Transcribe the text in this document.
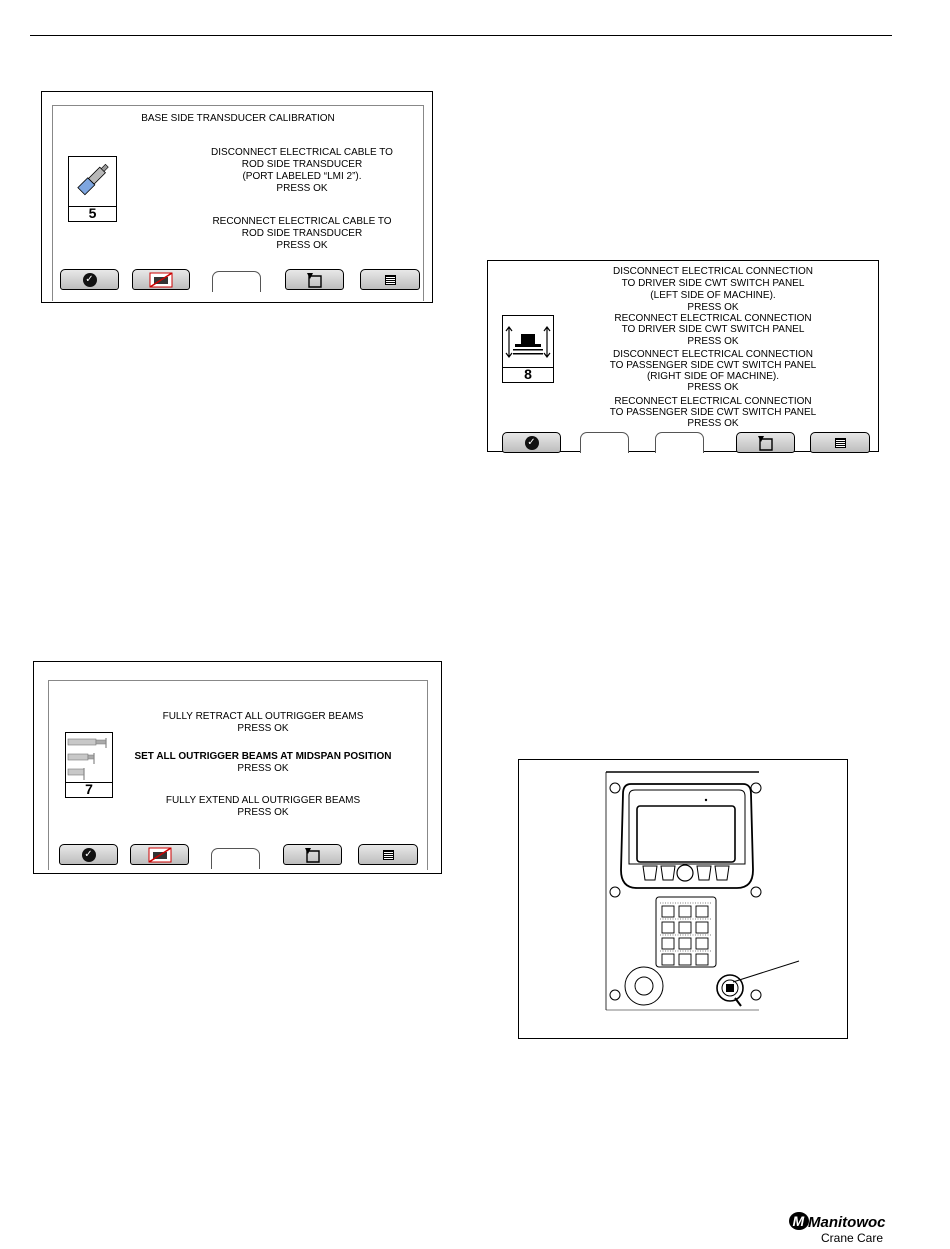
BASE SIDE TRANSDUCER CALIBRATION
DISCONNECT ELECTRICAL CABLE TO
ROD SIDE TRANSDUCER
(PORT LABELED “LMI 2”).
PRESS OK
RECONNECT ELECTRICAL CABLE TO
ROD SIDE TRANSDUCER
PRESS OK
5
✓
DISCONNECT ELECTRICAL CONNECTION
TO DRIVER SIDE CWT SWITCH PANEL
(LEFT SIDE OF MACHINE).
PRESS OK
RECONNECT ELECTRICAL CONNECTION
TO DRIVER SIDE CWT SWITCH PANEL
PRESS OK
DISCONNECT ELECTRICAL CONNECTION
TO PASSENGER SIDE CWT SWITCH PANEL
(RIGHT SIDE OF MACHINE).
PRESS OK
RECONNECT ELECTRICAL CONNECTION
TO PASSENGER SIDE CWT SWITCH PANEL
PRESS OK
8
✓
FULLY RETRACT ALL OUTRIGGER BEAMS
PRESS OK
SET ALL OUTRIGGER BEAMS AT MIDSPAN POSITION
PRESS OK
FULLY EXTEND ALL OUTRIGGER BEAMS
PRESS OK
7
✓
M Manitowoc
Crane Care
